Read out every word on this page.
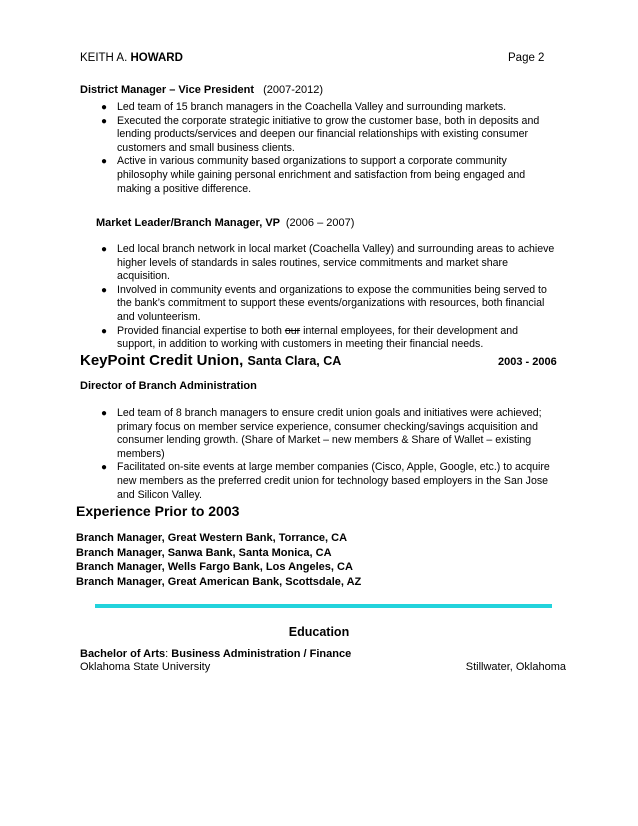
KEITH A. HOWARD	Page 2
District Manager – Vice President (2007-2012)
● Led team of 15 branch managers in the Coachella Valley and surrounding markets.
● Executed the corporate strategic initiative to grow the customer base, both in deposits and lending products/services and deepen our financial relationships with existing consumer customers and small business clients.
● Active in various community based organizations to support a corporate community philosophy while gaining personal enrichment and satisfaction from being engaged and making a positive difference.
Market Leader/Branch Manager, VP (2006 – 2007)
● Led local branch network in local market (Coachella Valley) and surrounding areas to achieve higher levels of standards in sales routines, service commitments and market share acquisition.
● Involved in community events and organizations to expose the communities being served to the bank’s commitment to support these events/organizations with resources, both financial and volunteerism.
● Provided financial expertise to both our internal employees, for their development and support, in addition to working with customers in meeting their financial needs.
KeyPoint Credit Union, Santa Clara, CA	2003 - 2006
Director of Branch Administration
● Led team of 8 branch managers to ensure credit union goals and initiatives were achieved; primary focus on member service experience, consumer checking/savings acquisition and consumer lending growth. (Share of Market – new members & Share of Wallet – existing members)
● Facilitated on-site events at large member companies (Cisco, Apple, Google, etc.) to acquire new members as the preferred credit union for technology based employers in the San Jose and Silicon Valley.
Experience Prior to 2003
Branch Manager, Great Western Bank, Torrance, CA
Branch Manager, Sanwa Bank, Santa Monica, CA
Branch Manager, Wells Fargo Bank, Los Angeles, CA
Branch Manager, Great American Bank, Scottsdale, AZ
Education
Bachelor of Arts: Business Administration / Finance
Oklahoma State University	Stillwater, Oklahoma
